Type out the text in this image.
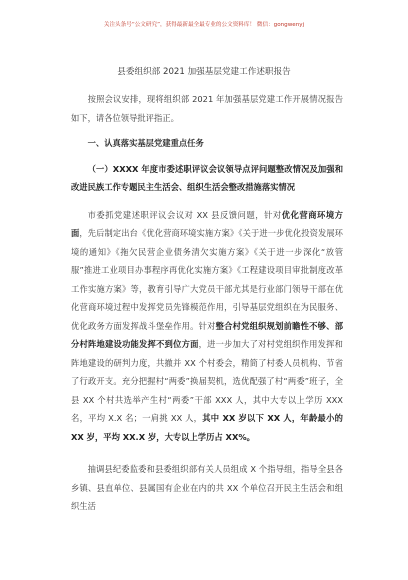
关注头条号“公文研究”，获得最新最全最专业的公文资料库！ 微信：gongwenyj
县委组织部 2021 加强基层党建工作述职报告

按照会议安排，现将组织部 2021 年加强基层党建工作开展情况报告如下，请各位领导批评指正。

一、认真落实基层党建重点任务

（一）XXXX 年度市委述职评议会议领导点评问题整改情况及加强和改进民族工作专题民主生活会、组织生活会整改措施落实情况

市委抓党建述职评议会议对 XX 县反馈问题，针对优化营商环境方面，先后制定出台《优化营商环境实施方案》《关于进一步优化投资发展环境的通知》《拖欠民营企业债务清欠实施方案》《关于进一步深化“放管服”推进工业项目办事程序再优化实施方案》《工程建设项目审批制度改革工作实施方案》等，教育引导广大党员干部尤其是行业部门领导干部在优化营商环境过程中发挥党员先锋模范作用，引导基层党组织在为民服务、优化政务方面发挥战斗堡垒作用。针对整合村党组织规划前瞻性不够、部分村阵地建设功能发挥不到位方面，进一步加大了对村党组织作用发挥和阵地建设的研判力度，共撤并 XX 个村委会，精简了村委人员机构、节省了行政开支。充分把握村“两委”换届契机，选优配强了村“两委”班子，全县 XX 个村共选举产生村“两委”干部 XXX 人，其中大专以上学历 XXX 名，平均 X.X 名；一肩挑 XX 人，其中 XX 岁以下 XX 人，年龄最小的 XX 岁，平均 XX.X 岁，大专以上学历占 XX%。

抽调县纪委监委和县委组织部有关人员组成 X 个指导组，指导全县各乡镇、县直单位、县属国有企业在内的共 XX 个单位召开民主生活会和组织生活
